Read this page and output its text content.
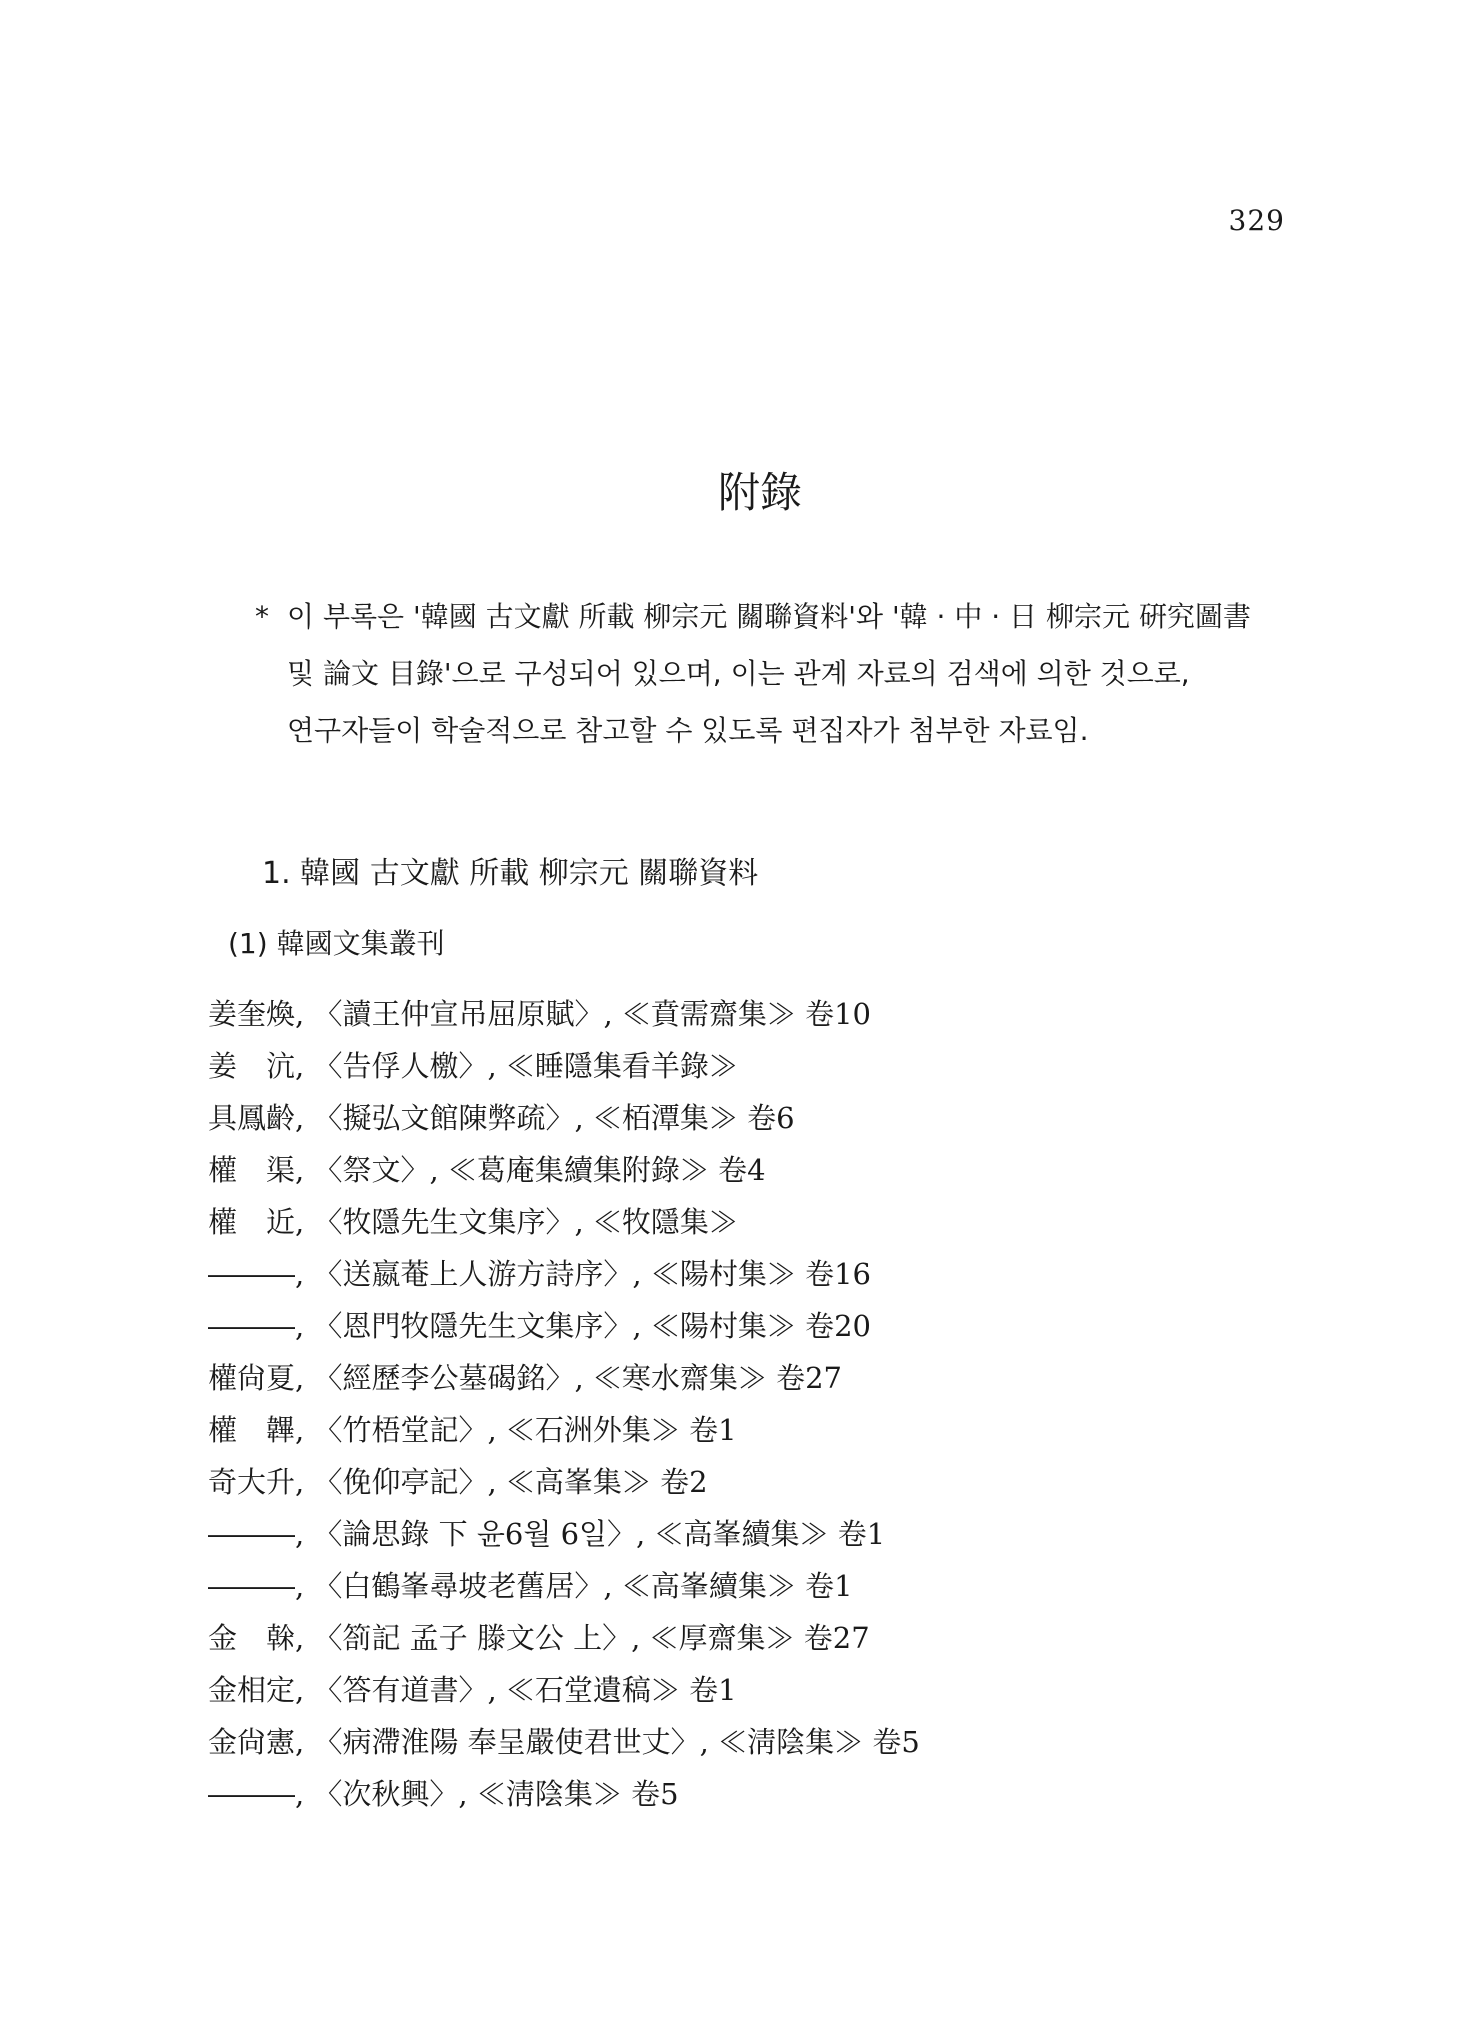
329
附錄
* 이 부록은 '韓國 古文獻 所載 柳宗元 關聯資料'와 '韓 · 中 · 日 柳宗元 硏究圖書
및 論文 目錄'으로 구성되어 있으며, 이는 관계 자료의 검색에 의한 것으로,
연구자들이 학술적으로 참고할 수 있도록 편집자가 첨부한 자료임.
1. 韓國 古文獻 所載 柳宗元 關聯資料
(1) 韓國文集叢刊
姜奎煥, 〈讀王仲宣吊屈原賦〉, ≪賁需齋集≫ 卷10
姜　沆, 〈告俘人檄〉, ≪睡隱集看羊錄≫
具鳳齡, 〈擬弘文館陳弊疏〉, ≪栢潭集≫ 卷6
權　渠, 〈祭文〉, ≪葛庵集續集附錄≫ 卷4
權　近, 〈牧隱先生文集序〉, ≪牧隱集≫
―――, 〈送嬴菴上人游方詩序〉, ≪陽村集≫ 卷16
―――, 〈恩門牧隱先生文集序〉, ≪陽村集≫ 卷20
權尙夏, 〈經歷李公墓碣銘〉, ≪寒水齋集≫ 卷27
權　韠, 〈竹梧堂記〉, ≪石洲外集≫ 卷1
奇大升, 〈俛仰亭記〉, ≪高峯集≫ 卷2
―――, 〈論思錄 下 윤6월 6일〉, ≪高峯續集≫ 卷1
―――, 〈白鶴峯尋坡老舊居〉, ≪高峯續集≫ 卷1
金　榦, 〈箚記 孟子 滕文公 上〉, ≪厚齋集≫ 卷27
金相定, 〈答有道書〉, ≪石堂遺稿≫ 卷1
金尙憲, 〈病滯淮陽 奉呈嚴使君世丈〉, ≪淸陰集≫ 卷5
―――, 〈次秋興〉, ≪淸陰集≫ 卷5
